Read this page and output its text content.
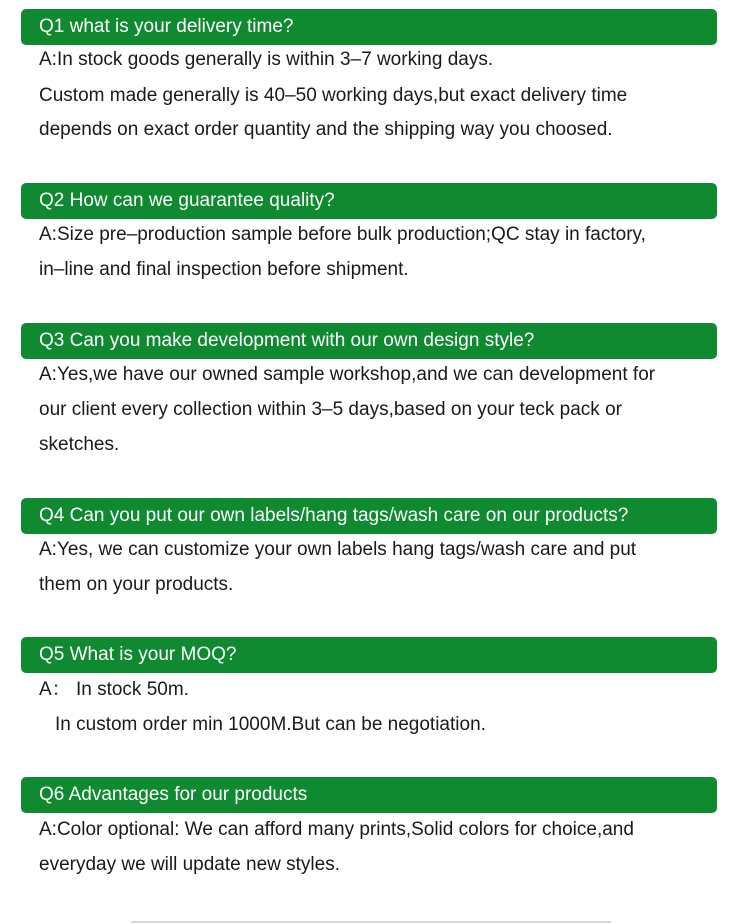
Q1 what is your delivery time?
A:In stock goods generally is within 3–7 working days.
Custom made generally is 40–50 working days,but exact delivery time
depends on exact order quantity and the shipping way you choosed.
Q2 How can we guarantee quality?
A:Size pre–production sample before bulk production;QC stay in factory,
in–line and final inspection before shipment.
Q3 Can you make development with our own design style?
A:Yes,we have our owned sample workshop,and we can development for
our client every collection within 3–5 days,based on your teck pack or
sketches.
Q4 Can you put our own labels/hang tags/wash care on our products?
A:Yes, we can customize your own labels hang tags/wash care and put
them on your products.
Q5 What is your MOQ?
A： In stock 50m.
In custom order min 1000M.But can be negotiation.
Q6 Advantages for our products
A:Color optional: We can afford many prints,Solid colors for choice,and
everyday we will update new styles.
